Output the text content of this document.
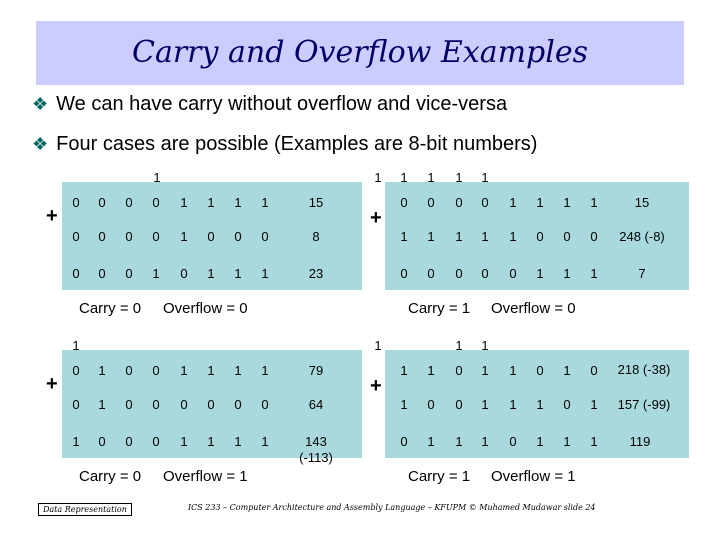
Carry and Overflow Examples
❖ We can have carry without overflow and vice-versa
❖ Four cases are possible (Examples are 8-bit numbers)
1
+
0	0	0	0	1	1	1	1	15
0	0	0	0	1	0	0	0	8
0	0	0	1	0	1	1	1	23
Carry = 0 Overflow = 0
1	1	1	1	1
+
0	0	0	0	1	1	1	1	15
1	1	1	1	1	0	0	0	248 (-8)
0	0	0	0	0	1	1	1	7
Carry = 1 Overflow = 0
1
+
0	1	0	0	1	1	1	1	79
0	1	0	0	0	0	0	0	64
1	0	0	0	1	1	1	1	143
(-113)
Carry = 0 Overflow = 1
1	1	1
+
1	1	0	1	1	0	1	0	218 (-38)
1	0	0	1	1	1	0	1	157 (-99)
0	1	1	1	0	1	1	1	119
Carry = 1 Overflow = 1
Data Representation	ICS 233 – Computer Architecture and Assembly Language – KFUPM © Muhamed Mudawar slide 24
